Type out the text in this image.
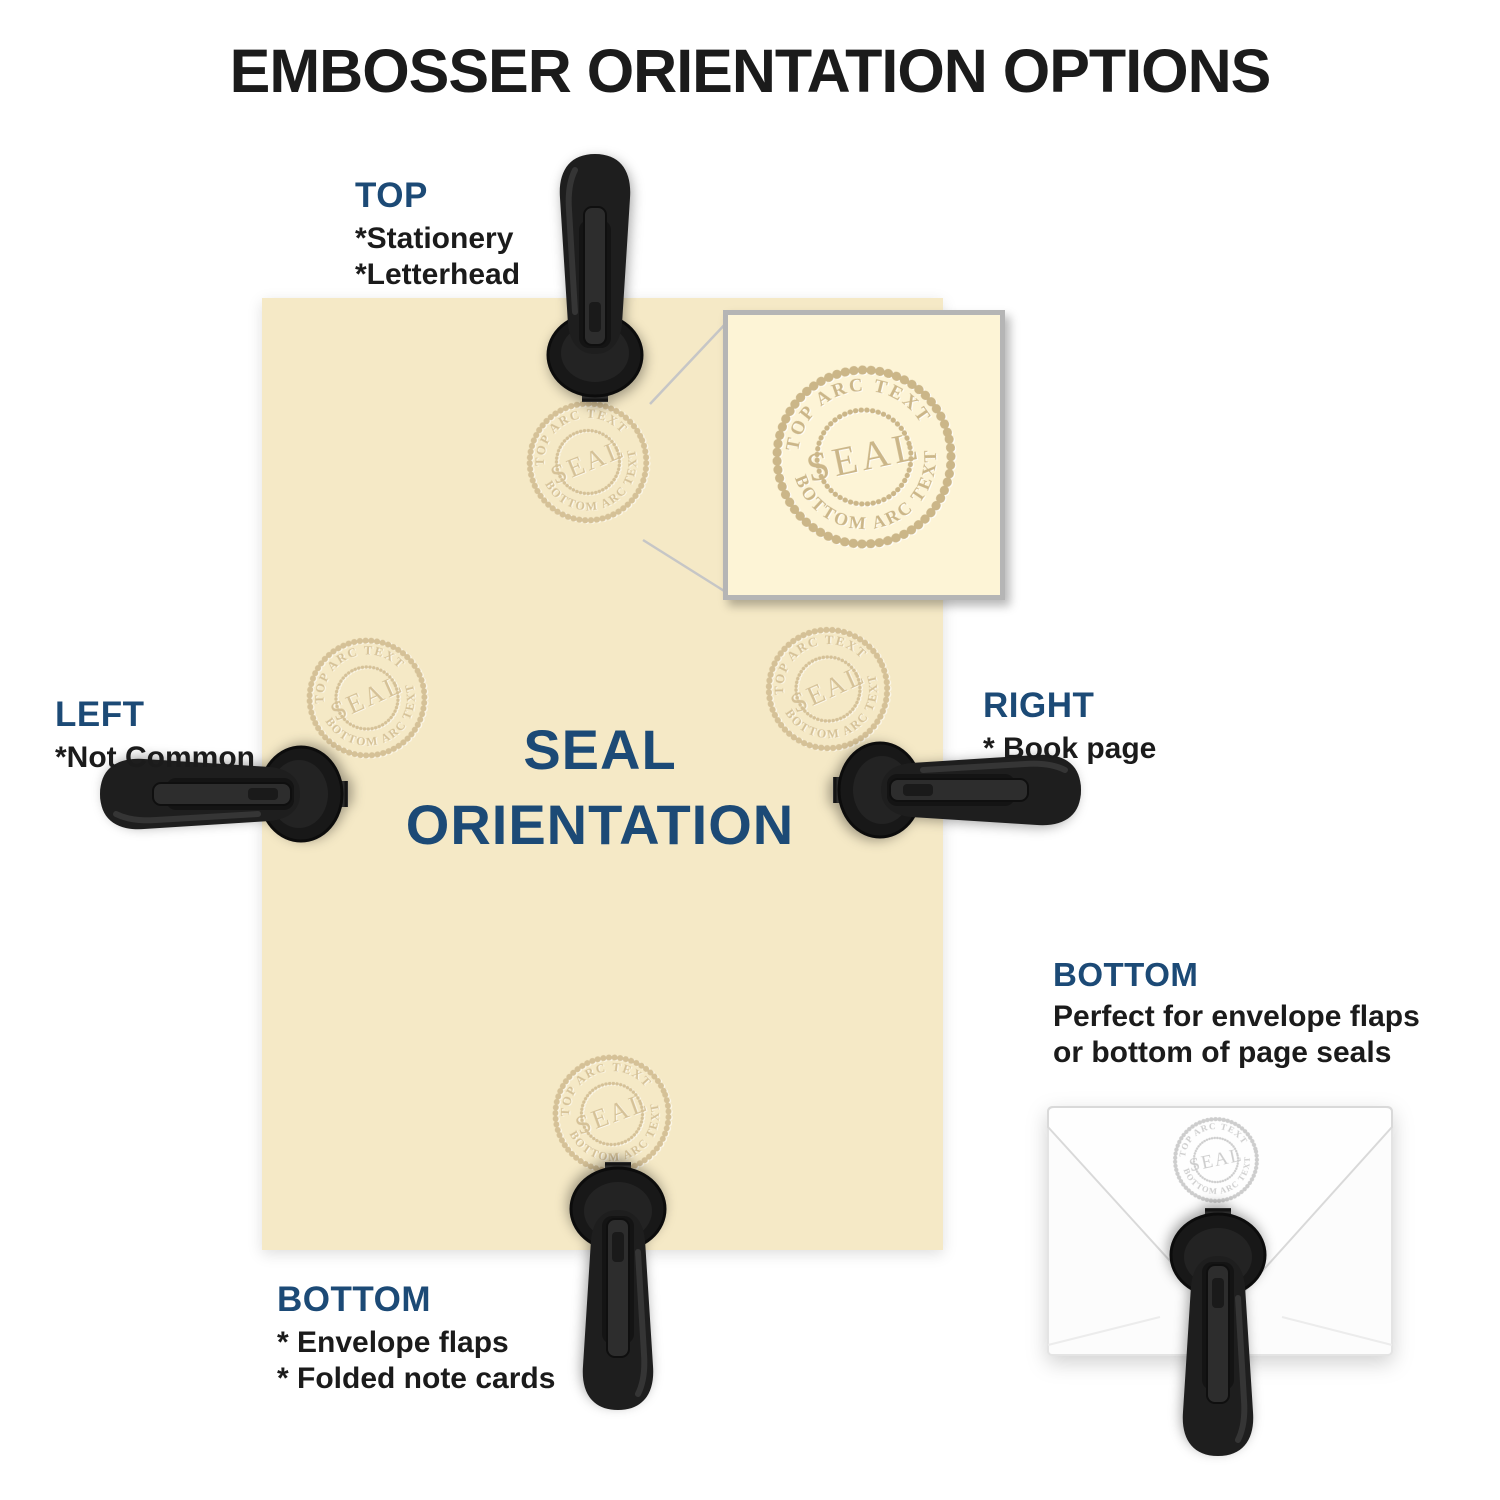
EMBOSSER ORIENTATION OPTIONS
SEAL
ORIENTATION
TOP
*Stationery
*Letterhead
LEFT
*Not Common
RIGHT
* Book page
BOTTOM
* Envelope flaps
* Folded note cards
BOTTOM
Perfect for envelope flaps
or bottom of page seals
